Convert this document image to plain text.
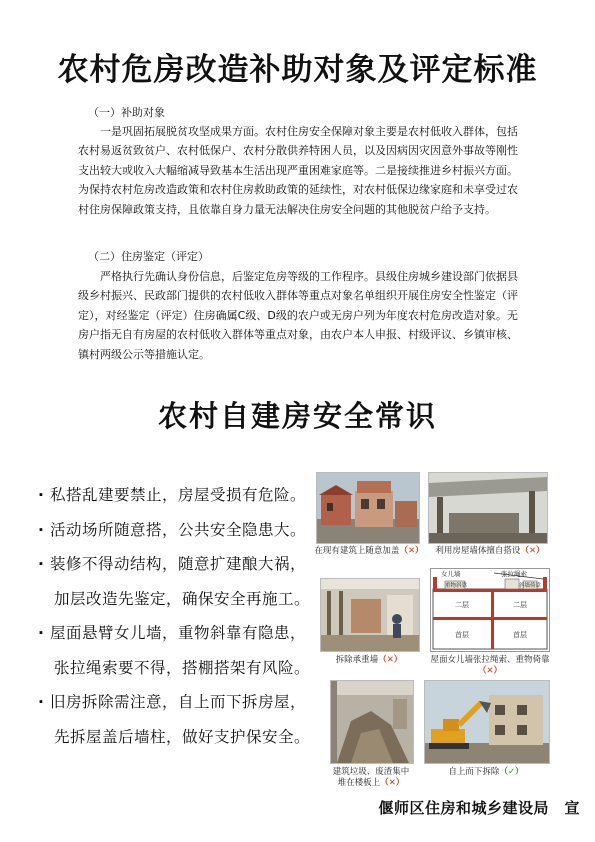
农村危房改造补助对象及评定标准
（一）补助对象
一是巩固拓展脱贫攻坚成果方面。农村住房安全保障对象主要是农村低收入群体，包括农村易返贫致贫户、农村低保户、农村分散供养特困人员，以及因病因灾因意外事故等刚性支出较大或收入大幅缩减导致基本生活出现严重困难家庭等。二是接续推进乡村振兴方面。为保持农村危房改造政策和农村住房救助政策的延续性，对农村低保边缘家庭和未享受过农村住房保障政策支持，且依靠自身力量无法解决住房安全问题的其他脱贫户给予支持。
（二）住房鉴定（评定）
严格执行先确认身份信息，后鉴定危房等级的工作程序。县级住房城乡建设部门依据县级乡村振兴、民政部门提供的农村低收入群体等重点对象名单组织开展住房安全性鉴定（评定），对经鉴定（评定）住房确属C级、D级的农户或无房户列为年度农村危房改造对象。无房户指无自有房屋的农村低收入群体等重点对象，由农户本人申报、村级评议、乡镇审核、镇村两级公示等措施认定。
农村自建房安全常识
· 私搭乱建要禁止，房屋受损有危险。
· 活动场所随意搭，公共安全隐患大。
· 装修不得动结构，随意扩建酿大祸，
加层改造先鉴定，确保安全再施工。
· 屋面悬臂女儿墙，重物斜靠有隐患，
张拉绳索要不得，搭棚搭架有风险。
· 旧房拆除需注意，自上而下拆房屋，
先拆屋盖后墙柱，做好支护保安全。
在现有建筑上随意加盖（✕）	利用房屋墙体擅自搭设（✕）
拆除承重墙（✕）
女儿墙
重物斜靠
张拉绳索
斜墙倚靠
二层	二层
首层	首层
屋面女儿墙张拉绳索、重物倚靠（✕）
建筑垃圾、废渣集中
堆在楼板上（✕）
自上而下拆除（✓）
偃师区住房和城乡建设局　宣
